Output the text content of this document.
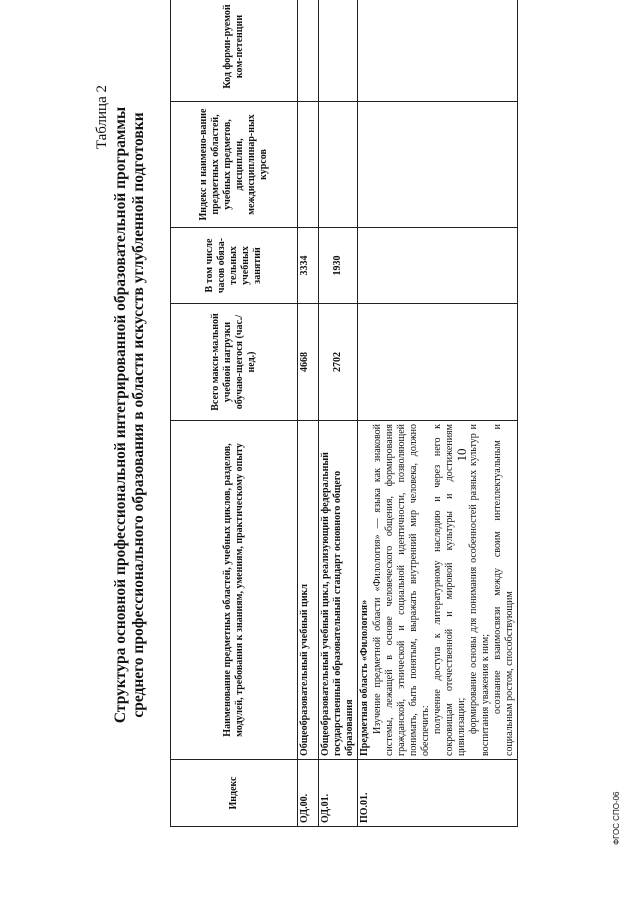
10
Таблица 2 Структура основной профессиональной интегрированной образовательной программы среднего профессионального образования в области искусств углубленной подготовки
Индекс	Наименование предметных областей, учебных циклов, разделов, модулей, требования к знаниям, умениям, практическому опыту	Всего макси-мальной учебной нагрузки обучаю-щегося (час./нед.)	В том числе часов обяза-тельных учебных занятий	Индекс и наимено-вание предметных областей, учебных предметов, дисциплин, междисциплинар-ных курсов	Код форми-руемой ком-петенции
ОД.00.	Общеобразовательный учебный цикл	4668	3334		
ОД.01.	Общеобразовательный учебный цикл, реализующий федеральный государственный образовательный стандарт основного общего образования	2702	1930		
ПО.01.	Предметная область «Филология» Изучение предметной области «Филология» — языка как знаковой системы, лежащей в основе человеческого общения, формирования гражданской, этнической и социальной идентичности, позволяющей понимать, быть понятым, выражать внутренний мир человека, должно обеспечить: получение доступа к литературному наследию и через него к сокровищам отечественной и мировой культуры и достижениям цивилизации; формирование основы для понимания особенностей разных культур и воспитания уважения к ним; осознание взаимосвязи между своим интеллектуальным и социальным ростом, способствующим				

ФГОС СПО-06
